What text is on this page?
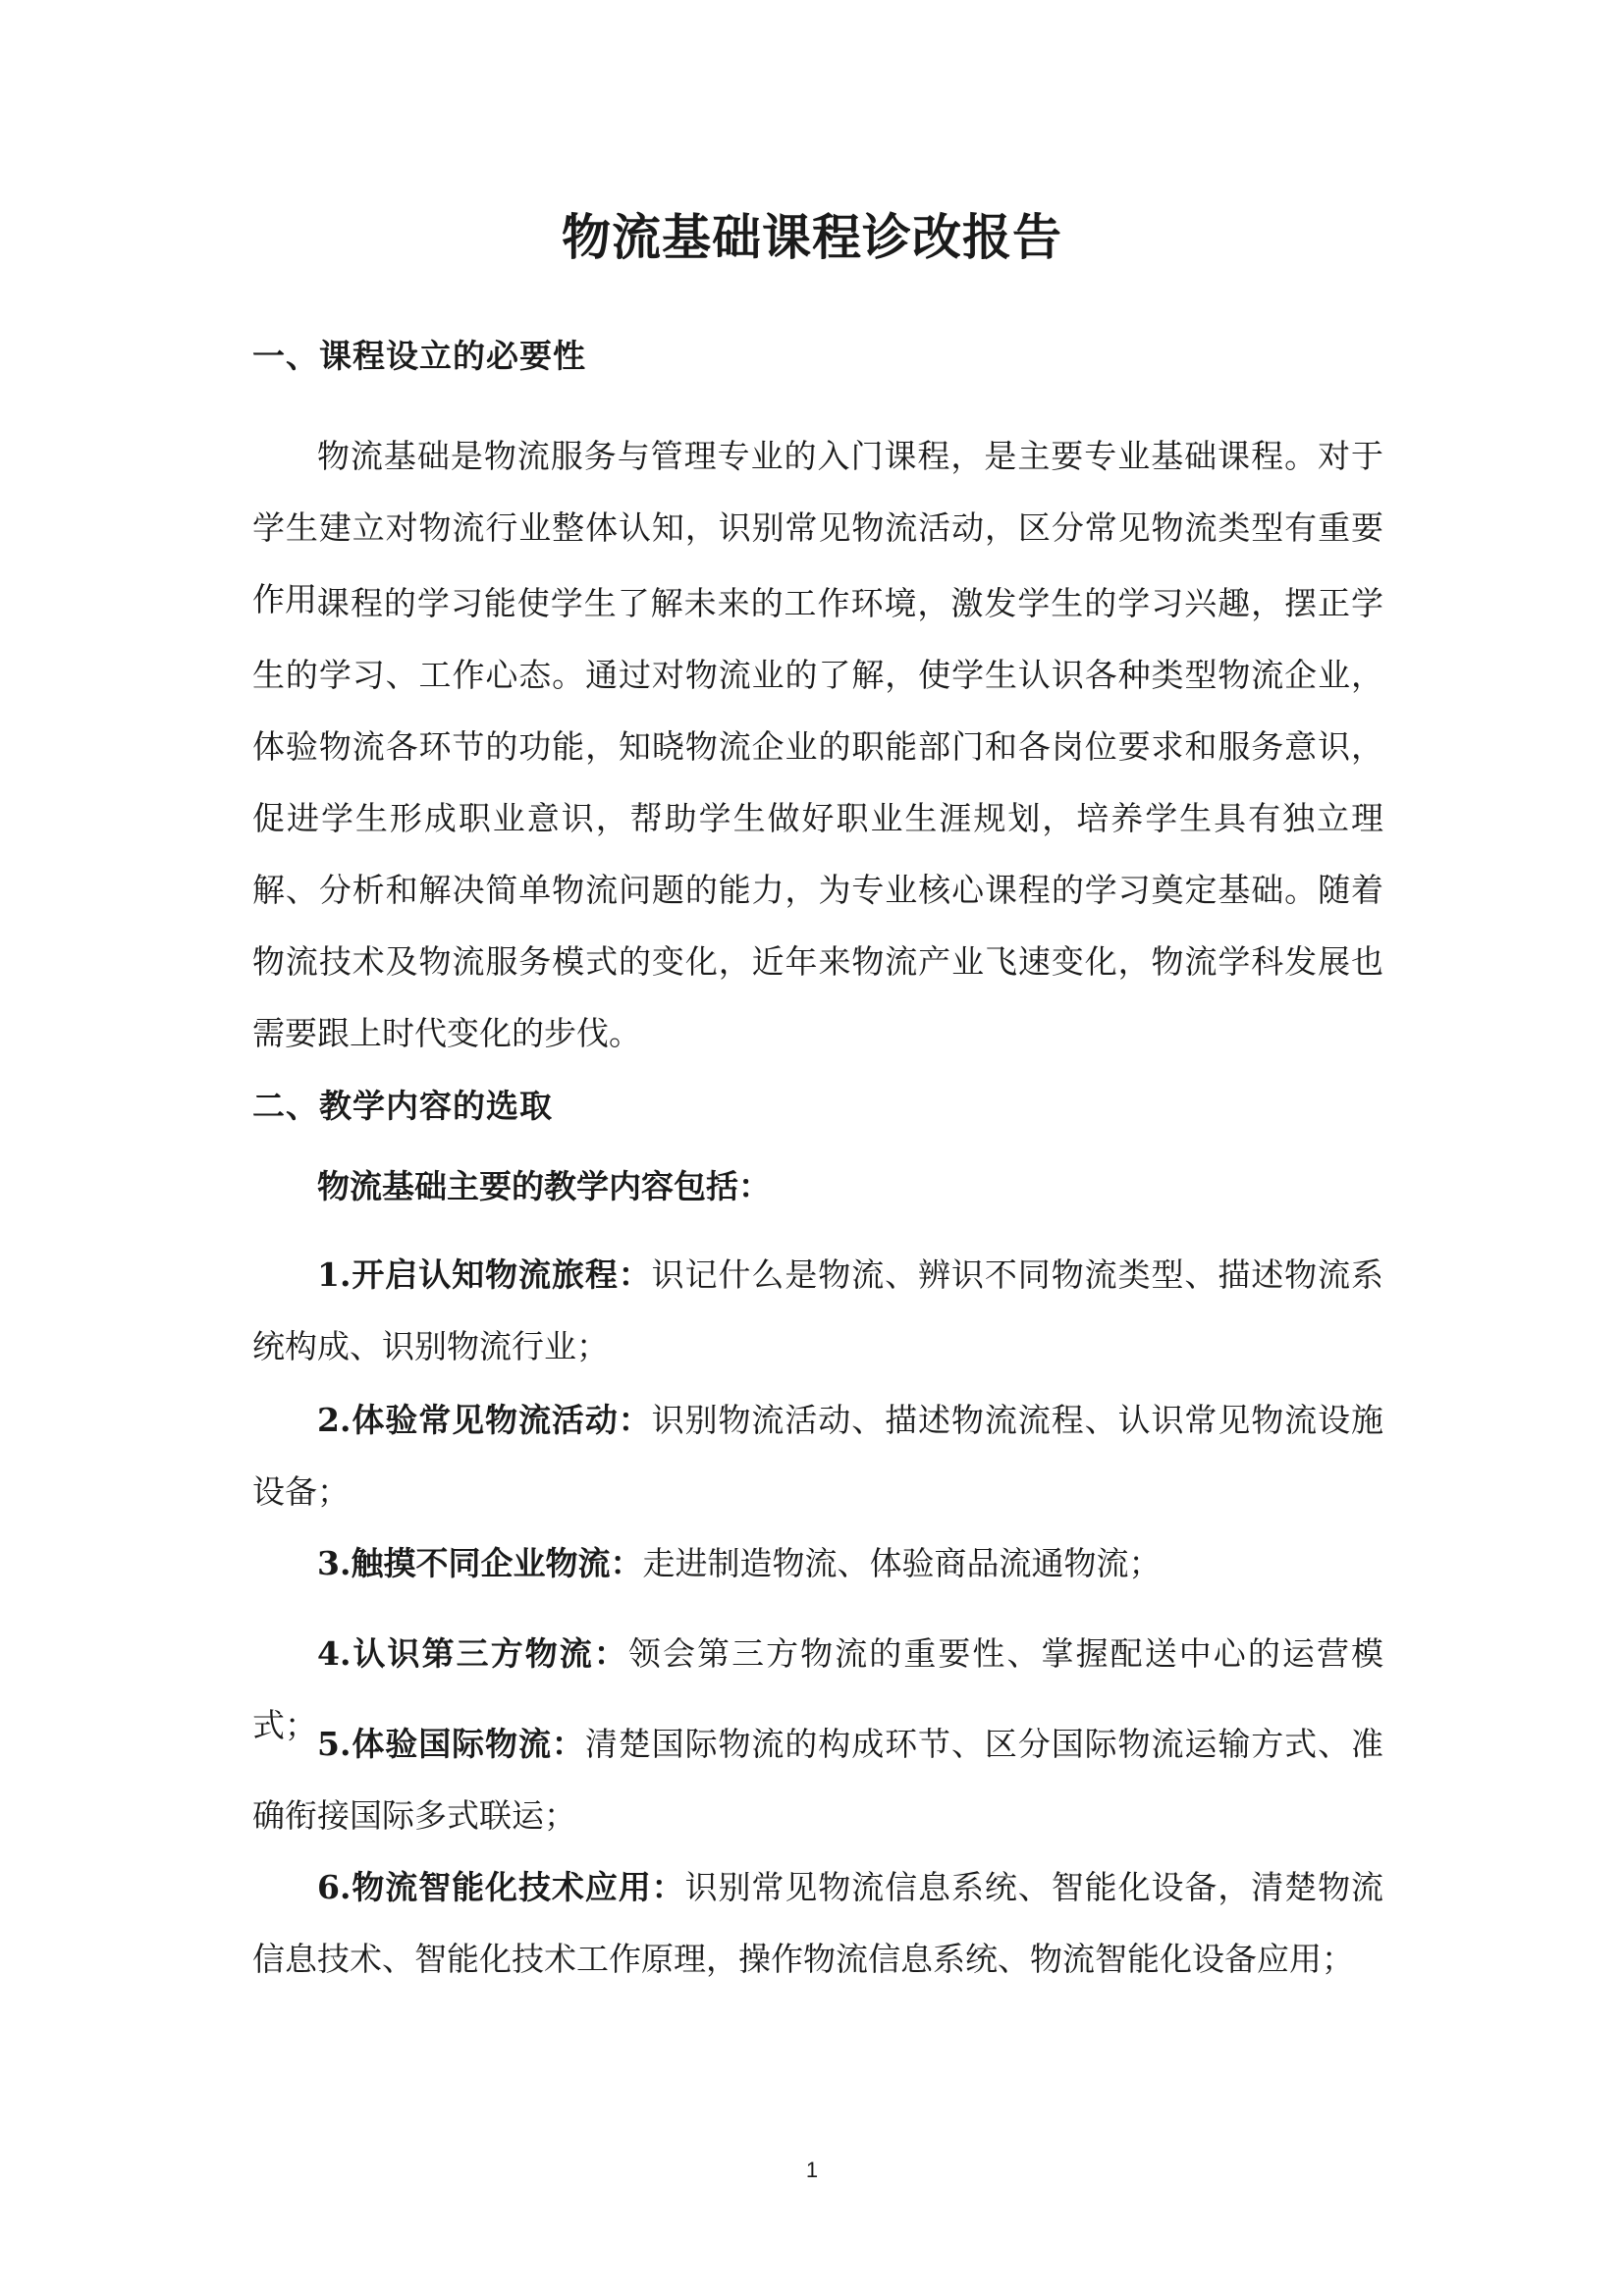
物流基础课程诊改报告
一、课程设立的必要性
物流基础是物流服务与管理专业的入门课程，是主要专业基础课程。对于学生建立对物流行业整体认知，识别常见物流活动，区分常见物流类型有重要作用。
课程的学习能使学生了解未来的工作环境，激发学生的学习兴趣，摆正学生的学习、工作心态。通过对物流业的了解，使学生认识各种类型物流企业，体验物流各环节的功能，知晓物流企业的职能部门和各岗位要求和服务意识，促进学生形成职业意识，帮助学生做好职业生涯规划，培养学生具有独立理解、分析和解决简单物流问题的能力，为专业核心课程的学习奠定基础。随着物流技术及物流服务模式的变化，近年来物流产业飞速变化，物流学科发展也需要跟上时代变化的步伐。
二、教学内容的选取
物流基础主要的教学内容包括：
1.开启认知物流旅程：识记什么是物流、辨识不同物流类型、描述物流系统构成、识别物流行业；
2.体验常见物流活动：识别物流活动、描述物流流程、认识常见物流设施设备；
3.触摸不同企业物流：走进制造物流、体验商品流通物流；
4.认识第三方物流：领会第三方物流的重要性、掌握配送中心的运营模式； 5.体验国际物流：清楚国际物流的构成环节、区分国际物流运输方式、准确衔接国际多式联运；
6.物流智能化技术应用：识别常见物流信息系统、智能化设备，清楚物流信息技术、智能化技术工作原理，操作物流信息系统、物流智能化设备应用；
1
